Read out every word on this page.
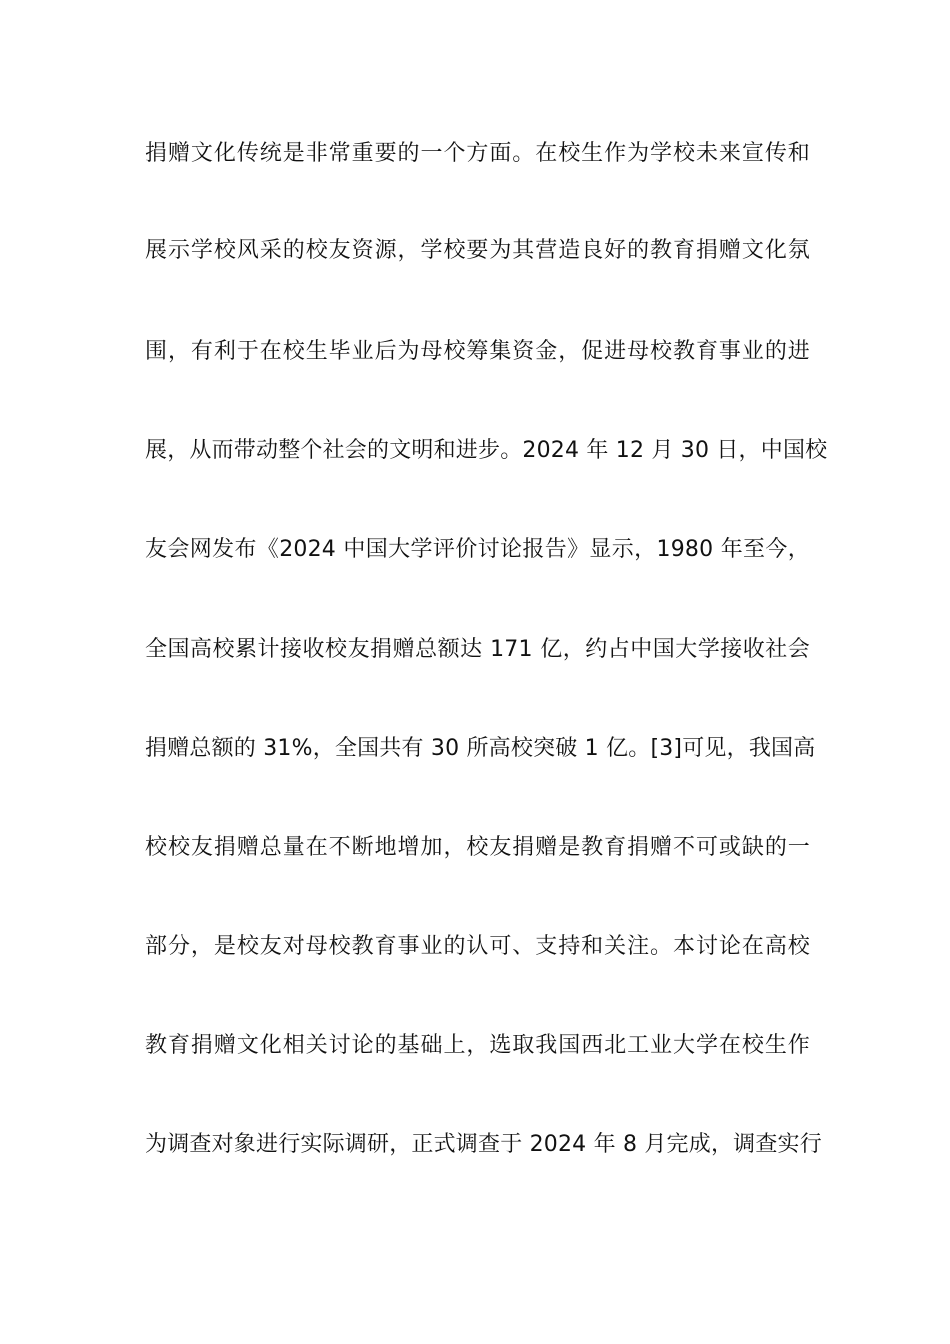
捐赠文化传统是非常重要的一个方面。在校生作为学校未来宣传和
展示学校风采的校友资源，学校要为其营造良好的教育捐赠文化氛
围，有利于在校生毕业后为母校筹集资金，促进母校教育事业的进
展，从而带动整个社会的文明和进步。2024 年 12 月 30 日，中国校
友会网发布《2024 中国大学评价讨论报告》显示，1980 年至今，
全国高校累计接收校友捐赠总额达 171 亿，约占中国大学接收社会
捐赠总额的 31%，全国共有 30 所高校突破 1 亿。[3]可见，我国高
校校友捐赠总量在不断地增加，校友捐赠是教育捐赠不可或缺的一
部分，是校友对母校教育事业的认可、支持和关注。本讨论在高校
教育捐赠文化相关讨论的基础上，选取我国西北工业大学在校生作
为调查对象进行实际调研，正式调查于 2024 年 8 月完成，调查实行
